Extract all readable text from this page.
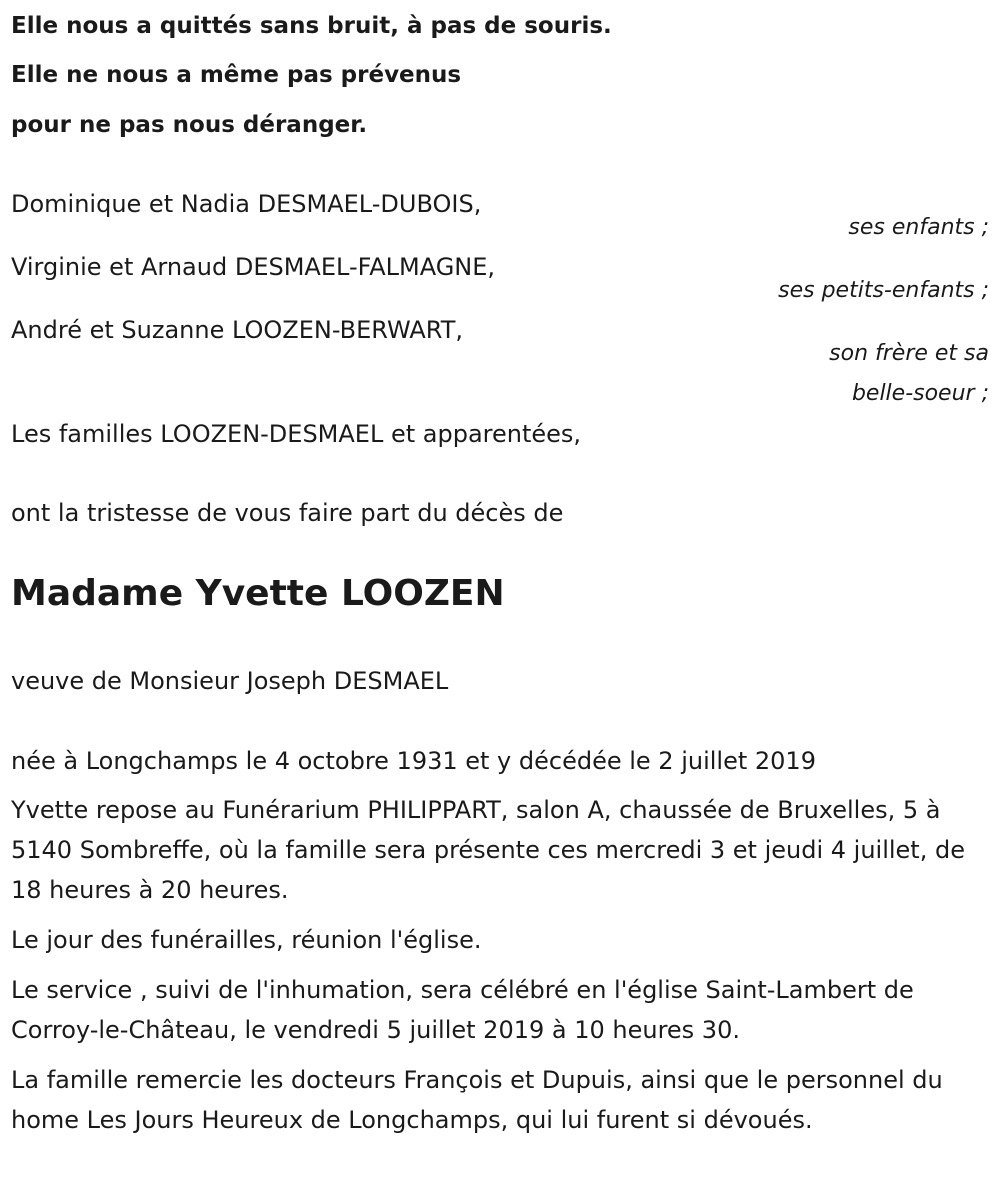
Elle nous a quittés sans bruit, à pas de souris.
Elle ne nous a même pas prévenus
pour ne pas nous déranger.
Dominique et Nadia DESMAEL-DUBOIS,
ses enfants ;
Virginie et Arnaud DESMAEL-FALMAGNE,
ses petits-enfants ;
André et Suzanne LOOZEN-BERWART,
son frère et sa
belle-soeur ;
Les familles LOOZEN-DESMAEL et apparentées,
ont la tristesse de vous faire part du décès de
Madame Yvette LOOZEN
veuve de Monsieur Joseph DESMAEL
née à Longchamps le 4 octobre 1931 et y décédée le 2 juillet 2019
Yvette repose au Funérarium PHILIPPART, salon A, chaussée de Bruxelles, 5 à 5140 Sombreffe, où la famille sera présente ces mercredi 3 et jeudi 4 juillet, de 18 heures à 20 heures.
Le jour des funérailles, réunion l'église.
Le service , suivi de l'inhumation, sera célébré en l'église Saint-Lambert de Corroy-le-Château, le vendredi 5 juillet 2019 à 10 heures 30.
La famille remercie les docteurs François et Dupuis, ainsi que le personnel du home Les Jours Heureux de Longchamps, qui lui furent si dévoués.
